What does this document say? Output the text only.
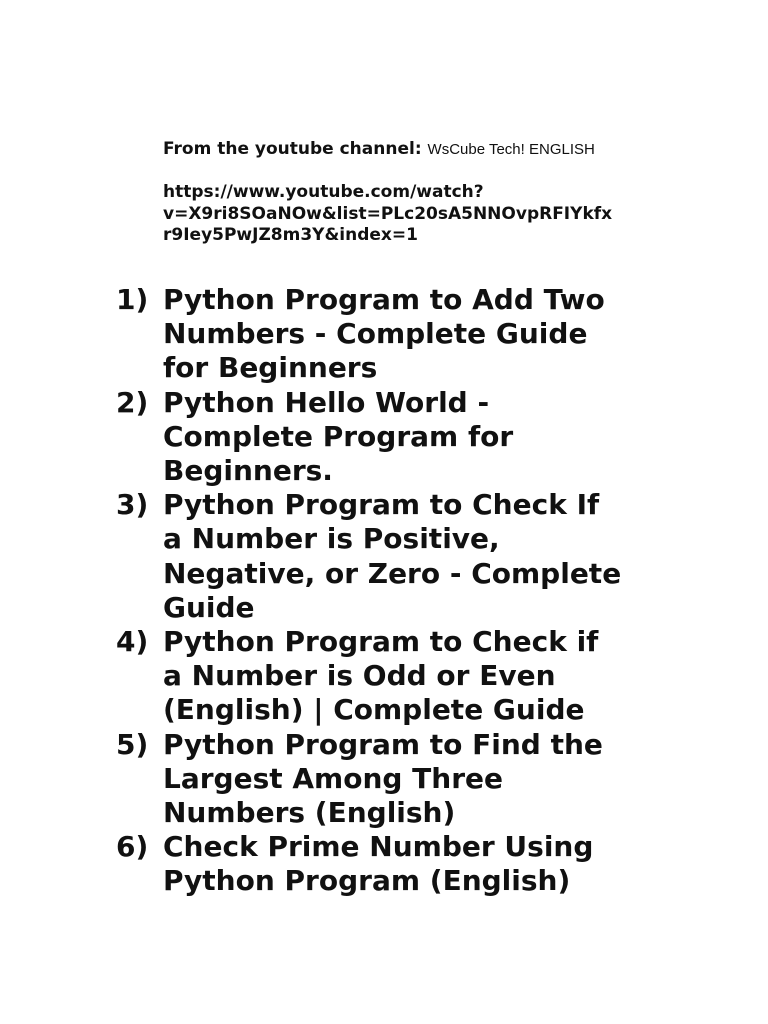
From the youtube channel: WsCube Tech! ENGLISH
https://www.youtube.com/watch?
v=X9ri8SOaNOw&list=PLc20sA5NNOvpRFIYkfx
r9Iey5PwJZ8m3Y&index=1
1) Python Program to Add Two
Numbers - Complete Guide
for Beginners
2) Python Hello World -
Complete Program for
Beginners.
3) Python Program to Check If
a Number is Positive,
Negative, or Zero - Complete
Guide
4) Python Program to Check if
a Number is Odd or Even
(English) | Complete Guide
5) Python Program to Find the
Largest Among Three
Numbers (English)
6) Check Prime Number Using
Python Program (English)
